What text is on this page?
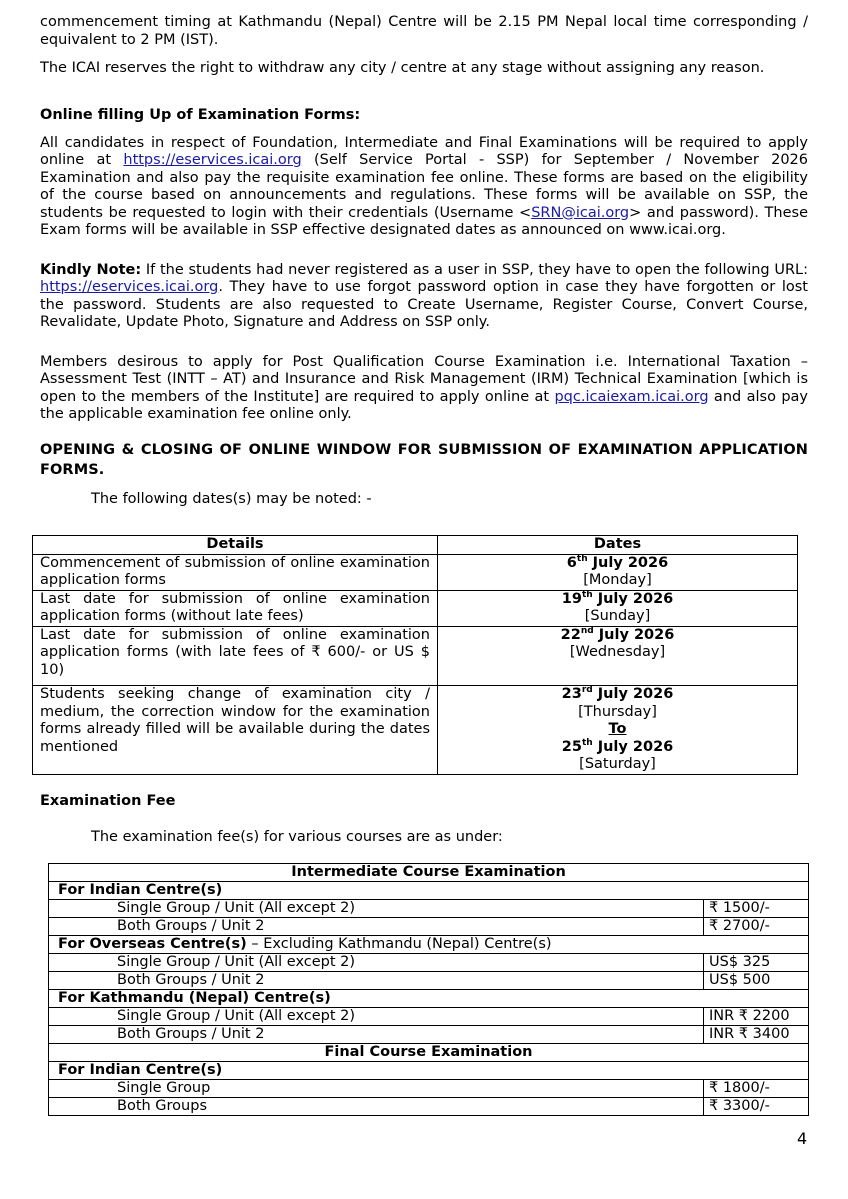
commencement timing at Kathmandu (Nepal) Centre will be 2.15 PM Nepal local time corresponding / equivalent to 2 PM (IST).

The ICAI reserves the right to withdraw any city / centre at any stage without assigning any reason.

Online filling Up of Examination Forms:

All candidates in respect of Foundation, Intermediate and Final Examinations will be required to apply online at https://eservices.icai.org (Self Service Portal - SSP) for September / November 2026 Examination and also pay the requisite examination fee online. These forms are based on the eligibility of the course based on announcements and regulations. These forms will be available on SSP, the students be requested to login with their credentials (Username <SRN@icai.org> and password). These Exam forms will be available in SSP effective designated dates as announced on www.icai.org.

Kindly Note: If the students had never registered as a user in SSP, they have to open the following URL: https://eservices.icai.org. They have to use forgot password option in case they have forgotten or lost the password. Students are also requested to Create Username, Register Course, Convert Course, Revalidate, Update Photo, Signature and Address on SSP only.

Members desirous to apply for Post Qualification Course Examination i.e. International Taxation – Assessment Test (INTT – AT) and Insurance and Risk Management (IRM) Technical Examination [which is open to the members of the Institute] are required to apply online at pqc.icaiexam.icai.org and also pay the applicable examination fee online only.

OPENING & CLOSING OF ONLINE WINDOW FOR SUBMISSION OF EXAMINATION APPLICATION FORMS.

The following dates(s) may be noted: -

Details	Dates
Commencement of submission of online examination application forms	6th July 2026
[Monday]
Last date for submission of online examination application forms (without late fees)	19th July 2026
[Sunday]
Last date for submission of online examination application forms (with late fees of ₹ 600/- or US $ 10)	22nd July 2026
[Wednesday]
Students seeking change of examination city / medium, the correction window for the examination forms already filled will be available during the dates mentioned	23rd July 2026
[Thursday]
To
25th July 2026
[Saturday]
Examination Fee

The examination fee(s) for various courses are as under:

Intermediate Course Examination	
For Indian Centre(s)	
Single Group / Unit (All except 2)	₹ 1500/-
Both Groups / Unit 2	₹ 2700/-
For Overseas Centre(s) – Excluding Kathmandu (Nepal) Centre(s)	
Single Group / Unit (All except 2)	US$ 325
Both Groups / Unit 2	US$ 500
For Kathmandu (Nepal) Centre(s)	
Single Group / Unit (All except 2)	INR ₹ 2200
Both Groups / Unit 2	INR ₹ 3400
Final Course Examination	
For Indian Centre(s)	
Single Group	₹ 1800/-
Both Groups	₹ 3300/-
4
